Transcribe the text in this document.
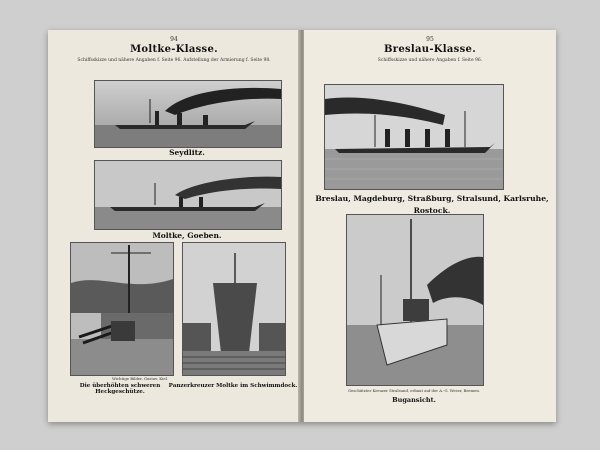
94
Moltke-Klasse.
Schiffsskizze und nähere Angaben f. Seite 96. Aufstellung der Armierung f. Seite 98.
Seydlitz.
Moltke, Goeben.
Wichtige Bilder, Gustav, Kiel.
Die überhöhten schweren Heckgeschütze.
Panzerkreuzer Moltke im Schwimmdock.
95
Breslau-Klasse.
Schiffsskizze und nähere Angaben f. Seite 96.
Breslau, Magdeburg, Straßburg, Stralsund, Karlsruhe,
Rostock.
Geschützter Kreuzer Stralsund, erbaut auf der A.-G. Weser, Bremen.
Bugansicht.
